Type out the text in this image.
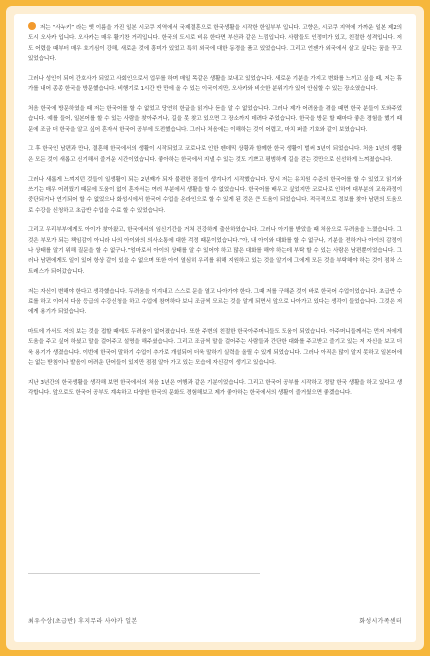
저는 “사누키” 라는 옛 이름을 가진 일본 시코쿠 지역에서 국제결혼으로 한국생활을 시작한 한일부부 입니다. 고향은, 시코쿠 지역에 가까운 일본 제2의 도시 오사카 입니다. 오사카는 매우 활기찬 거리입니다. 한국의 도시로 비유 한다면 부산과 같은 느낌입니다. 사람들도 인정미가 있고, 친절한 성격입니다. 저도 어렸을 때부터 매우 호기심이 강해, 새로운 것에 흥미가 있었고 특히 외국에 대한 동경을 품고 있었습니다. 그리고 언젠가 외국에서 살고 싶다는 꿈을 꾸고 있었습니다.

그러나 성인이 되어 간호사가 되었고 사회인으로서 업무를 하며 매일 똑같은 생활을 보내고 있었습니다. 새로운 기분을 가지고 변화를 느끼고 싶을 때, 저는 휴가를 내어 종종 한국을 방문했습니다. 비행기로 1시간 반 만에 올 수 있는 이국이지만, 오사카와 비슷한 분위기가 있어 안심할 수 있는 장소였습니다.

처음 한국에 방문하였을 때 저는 한국어를 할 수 없었고 당연히 한글을 읽거나 듣을 알 수 없었습니다. 그러나 제가 어려움을 겪을 때면 한국 분들이 도와주었습니다. 예를 들어, 일본어를 할 수 있는 사람을 찾아주거나, 길을 못 찾고 있으면 그 장소까지 데려다 주었습니다. 한국을 방문 할 때마다 좋은 경험을 했기 때문에 조금 더 한국을 알고 싶어 혼자서 한국어 공부에 도전했습니다. 그러나 처음에는 이해하는 것이 어렵고, 마치 퍼즐 기호와 같이 보였습니다.

그 후 한국인 남편과 만나, 결혼해 한국에서의 생활이 시작되었고 코로나로 인한 펜데믹 상황과 함께한 한국 생활이 벌써 3년이 되었습니다. 처음 1년의 생활은 모든 것이 새롭고 신기해서 즐거운 시간이었습니다. 좋아하는 한국에서 지낼 수 있는 것도 기쁘고 평범하게 길을 걷는 것만으로 신선하게 느껴졌습니다.

그러나 새롭게 느껴지던 것들이 일생활이 되는 2년째가 되자 불편한 점들이 생겨나기 시작했습니다. 당시 저는 유치원 수준의 한국어를 할 수 있었고 읽기와 쓰기는 매우 어려웠기 때문에 도움이 없이 혼자서는 여러 부분에서 생활을 할 수 없었습니다. 한국어를 배우고 싶었지만 코로나로 인하여 대부분의 교육과정이 중단되거나 연기되어 할 수 없었으나 화성시에서 한국어 수업을 온라인으로 할 수 있게 된 것은 큰 도움이 되었습니다. 적극적으로 정보를 찾아 남편의 도움으로 수강을 신청하고 초급반 수업을 수료 할 수 있었습니다.

그리고 우리부부에게도 아이가 찾아왔고, 한국에서의 임신기간을 거쳐 건강하게 출산하였습니다. 그러나 아기를 받았을 때 처음으로 두려움을 느꼈습니다. 그것은 부모가 되는 책임감이 아니라 나의 아이와의 의사소통에 대한 걱정 때문이었습니다.“아, 내 아이와 대화를 할 수 없구나, 기분을 전하거나 아이의 감정이나 상태를 알기 위해 질문을 할 수 없구나.”엄마로서 아이의 상태를 알 수 있어야 하고 많은 대화를 해야 하는데 부탁 할 수 있는 사람은 남편뿐이었습니다. 그러나 남편에게도 일이 있어 항상 같이 있을 수 없으며 또한 아이 열심히 우리를 위해 지원하고 있는 것을 알기에 그에게 모든 것을 부탁해야 하는 것이 점차 스트레스가 되어갔습니다.

저는 자신이 변해야 한다고 생각했습니다. 두려움을 이겨내고 스스로 문을 열고 나아가야 한다. 그때 저를 구해준 것이 바로 한국어 수업이었습니다. 초급반 수료를 하고 이어서 다음 등급의 수강신청을 하고 수업에 참여하다 보니 조금씩 모르는 것을 알게 되면서 앞으로 나아가고 있다는 생각이 들었습니다. 그것은 저에게 용기가 되었습니다.

마트에 가서도 저의 보는 것을 접할 때에도 두려움이 없어졌습니다. 또한 주변의 친절한 한국아주머니들도 도움이 되었습니다. 아주머니들께서는 먼저 저에게 도움을 주고 싶어 하셨고 말을 걸어주고 설명을 해주셨습니다. 그리고 조금씩 말을 걸어주는 사람들과 간단한 대화를 주고받고 즐기고 있는 저 자신을 보고 더욱 용기가 생겼습니다. 이번에 한국어 말하기 수업이 추가로 개설되어 더욱 말하기 실력을 올릴 수 있게 되었습니다. 그러나 아직은 많이 알지 못하고 일본어에는 없는 받침이나 발음이 어려운 단어들이 있지만 점점 알아 가고 있는 모습에 자신감이 생기고 있습니다.

지난 3년간의 한국생활을 생각해 보면 한국에서의 처음 1년은 여행과 같은 기분이었습니다. 그리고 한국어 공부를 시작하고 정말 한국 생활을 하고 있다고 생각합니다. 앞으로도 한국어 공부도 계속하고 다양한 한국의 문화도 경험해보고 제가 좋아하는 한국에서의 생활이 즐거웠으면 좋겠습니다.

최우수상(초급반) 후지무라 사야카 일본	화성시가족센터
